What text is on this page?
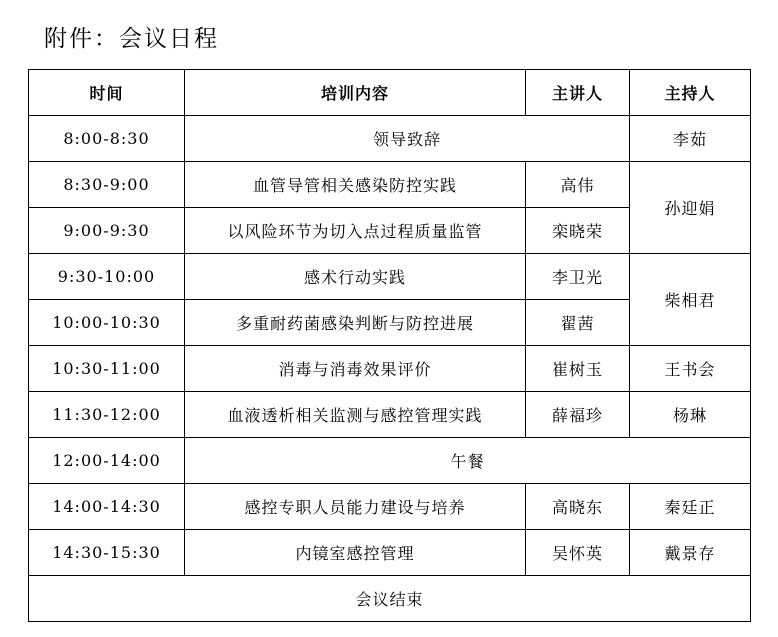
附件：会议日程
时间	培训内容	主讲人	主持人
8:00-8:30	领导致辞		李茹
8:30-9:00	血管导管相关感染防控实践	高伟	孙迎娟
9:00-9:30	以风险环节为切入点过程质量监管	栾晓荣	
9:30-10:00	感术行动实践	李卫光	柴相君
10:00-10:30	多重耐药菌感染判断与防控进展	翟茜	
10:30-11:00	消毒与消毒效果评价	崔树玉	王书会
11:30-12:00	血液透析相关监测与感控管理实践	薛福珍	杨琳
12:00-14:00	午餐		
14:00-14:30	感控专职人员能力建设与培养	高晓东	秦廷正
14:30-15:30	内镜室感控管理	吴怀英	戴景存
会议结束			
